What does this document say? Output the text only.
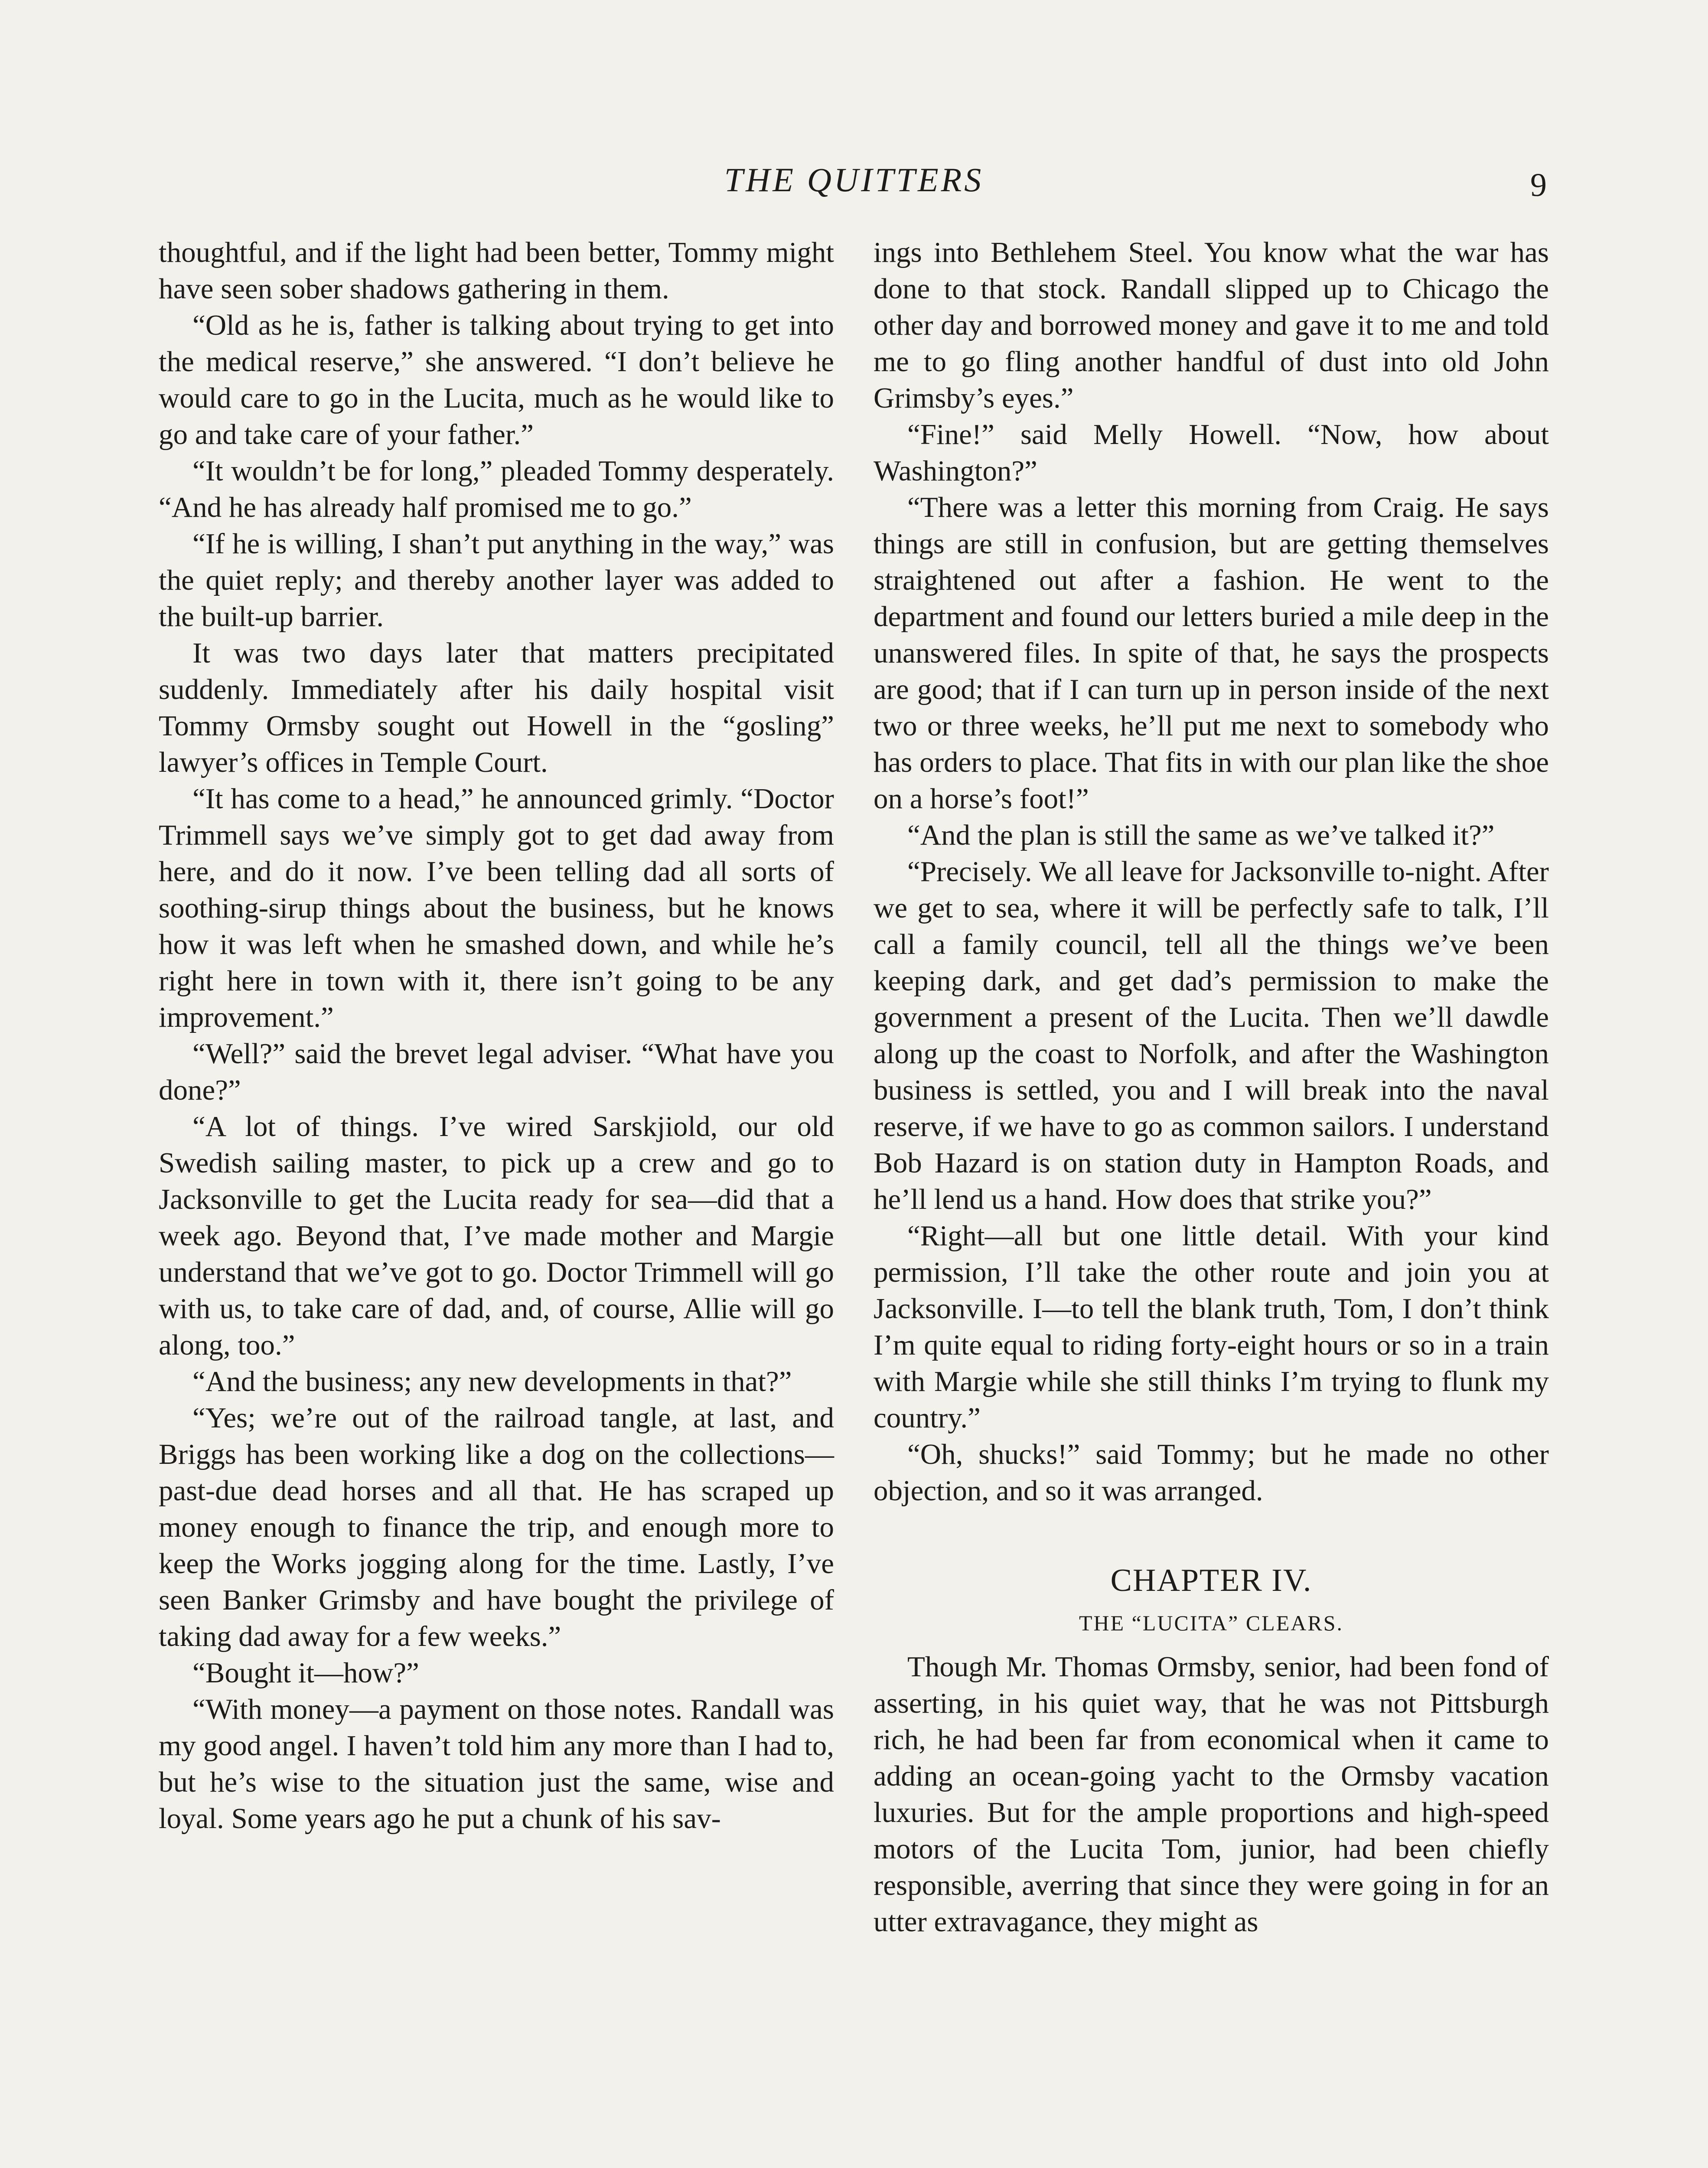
THE QUITTERS	9

thoughtful, and if the light had been better, Tommy might have seen sober shadows gathering in them.

“Old as he is, father is talking about trying to get into the medical reserve,” she answered. “I don’t believe he would care to go in the Lucita, much as he would like to go and take care of your father.”

“It wouldn’t be for long,” pleaded Tommy desperately. “And he has already half promised me to go.”

“If he is willing, I shan’t put anything in the way,” was the quiet reply; and thereby another layer was added to the built-up barrier.

It was two days later that matters precipitated suddenly. Immediately after his daily hospital visit Tommy Ormsby sought out Howell in the “gosling” lawyer’s offices in Temple Court.

“It has come to a head,” he announced grimly. “Doctor Trimmell says we’ve simply got to get dad away from here, and do it now. I’ve been telling dad all sorts of soothing-sirup things about the business, but he knows how it was left when he smashed down, and while he’s right here in town with it, there isn’t going to be any improvement.”

“Well?” said the brevet legal adviser. “What have you done?”

“A lot of things. I’ve wired Sarskjiold, our old Swedish sailing master, to pick up a crew and go to Jacksonville to get the Lucita ready for sea—did that a week ago. Beyond that, I’ve made mother and Margie understand that we’ve got to go. Doctor Trimmell will go with us, to take care of dad, and, of course, Allie will go along, too.”

“And the business; any new developments in that?”

“Yes; we’re out of the railroad tangle, at last, and Briggs has been working like a dog on the collections—past-due dead horses and all that. He has scraped up money enough to finance the trip, and enough more to keep the Works jogging along for the time. Lastly, I’ve seen Banker Grimsby and have bought the privilege of taking dad away for a few weeks.”

“Bought it—how?”

“With money—a payment on those notes. Randall was my good angel. I haven’t told him any more than I had to, but he’s wise to the situation just the same, wise and loyal. Some years ago he put a chunk of his sav-

ings into Bethlehem Steel. You know what the war has done to that stock. Randall slipped up to Chicago the other day and borrowed money and gave it to me and told me to go fling another handful of dust into old John Grimsby’s eyes.”

“Fine!” said Melly Howell. “Now, how about Washington?”

“There was a letter this morning from Craig. He says things are still in confusion, but are getting themselves straightened out after a fashion. He went to the department and found our letters buried a mile deep in the unanswered files. In spite of that, he says the prospects are good; that if I can turn up in person inside of the next two or three weeks, he’ll put me next to somebody who has orders to place. That fits in with our plan like the shoe on a horse’s foot!”

“And the plan is still the same as we’ve talked it?”

“Precisely. We all leave for Jacksonville to-night. After we get to sea, where it will be perfectly safe to talk, I’ll call a family council, tell all the things we’ve been keeping dark, and get dad’s permission to make the government a present of the Lucita. Then we’ll dawdle along up the coast to Norfolk, and after the Washington business is settled, you and I will break into the naval reserve, if we have to go as common sailors. I understand Bob Hazard is on station duty in Hampton Roads, and he’ll lend us a hand. How does that strike you?”

“Right—all but one little detail. With your kind permission, I’ll take the other route and join you at Jacksonville. I—to tell the blank truth, Tom, I don’t think I’m quite equal to riding forty-eight hours or so in a train with Margie while she still thinks I’m trying to flunk my country.”

“Oh, shucks!” said Tommy; but he made no other objection, and so it was arranged.

CHAPTER IV.
THE “LUCITA” CLEARS.

Though Mr. Thomas Ormsby, senior, had been fond of asserting, in his quiet way, that he was not Pittsburgh rich, he had been far from economical when it came to adding an ocean-going yacht to the Ormsby vacation luxuries. But for the ample proportions and high-speed motors of the Lucita Tom, junior, had been chiefly responsible, averring that since they were going in for an utter extravagance, they might as
